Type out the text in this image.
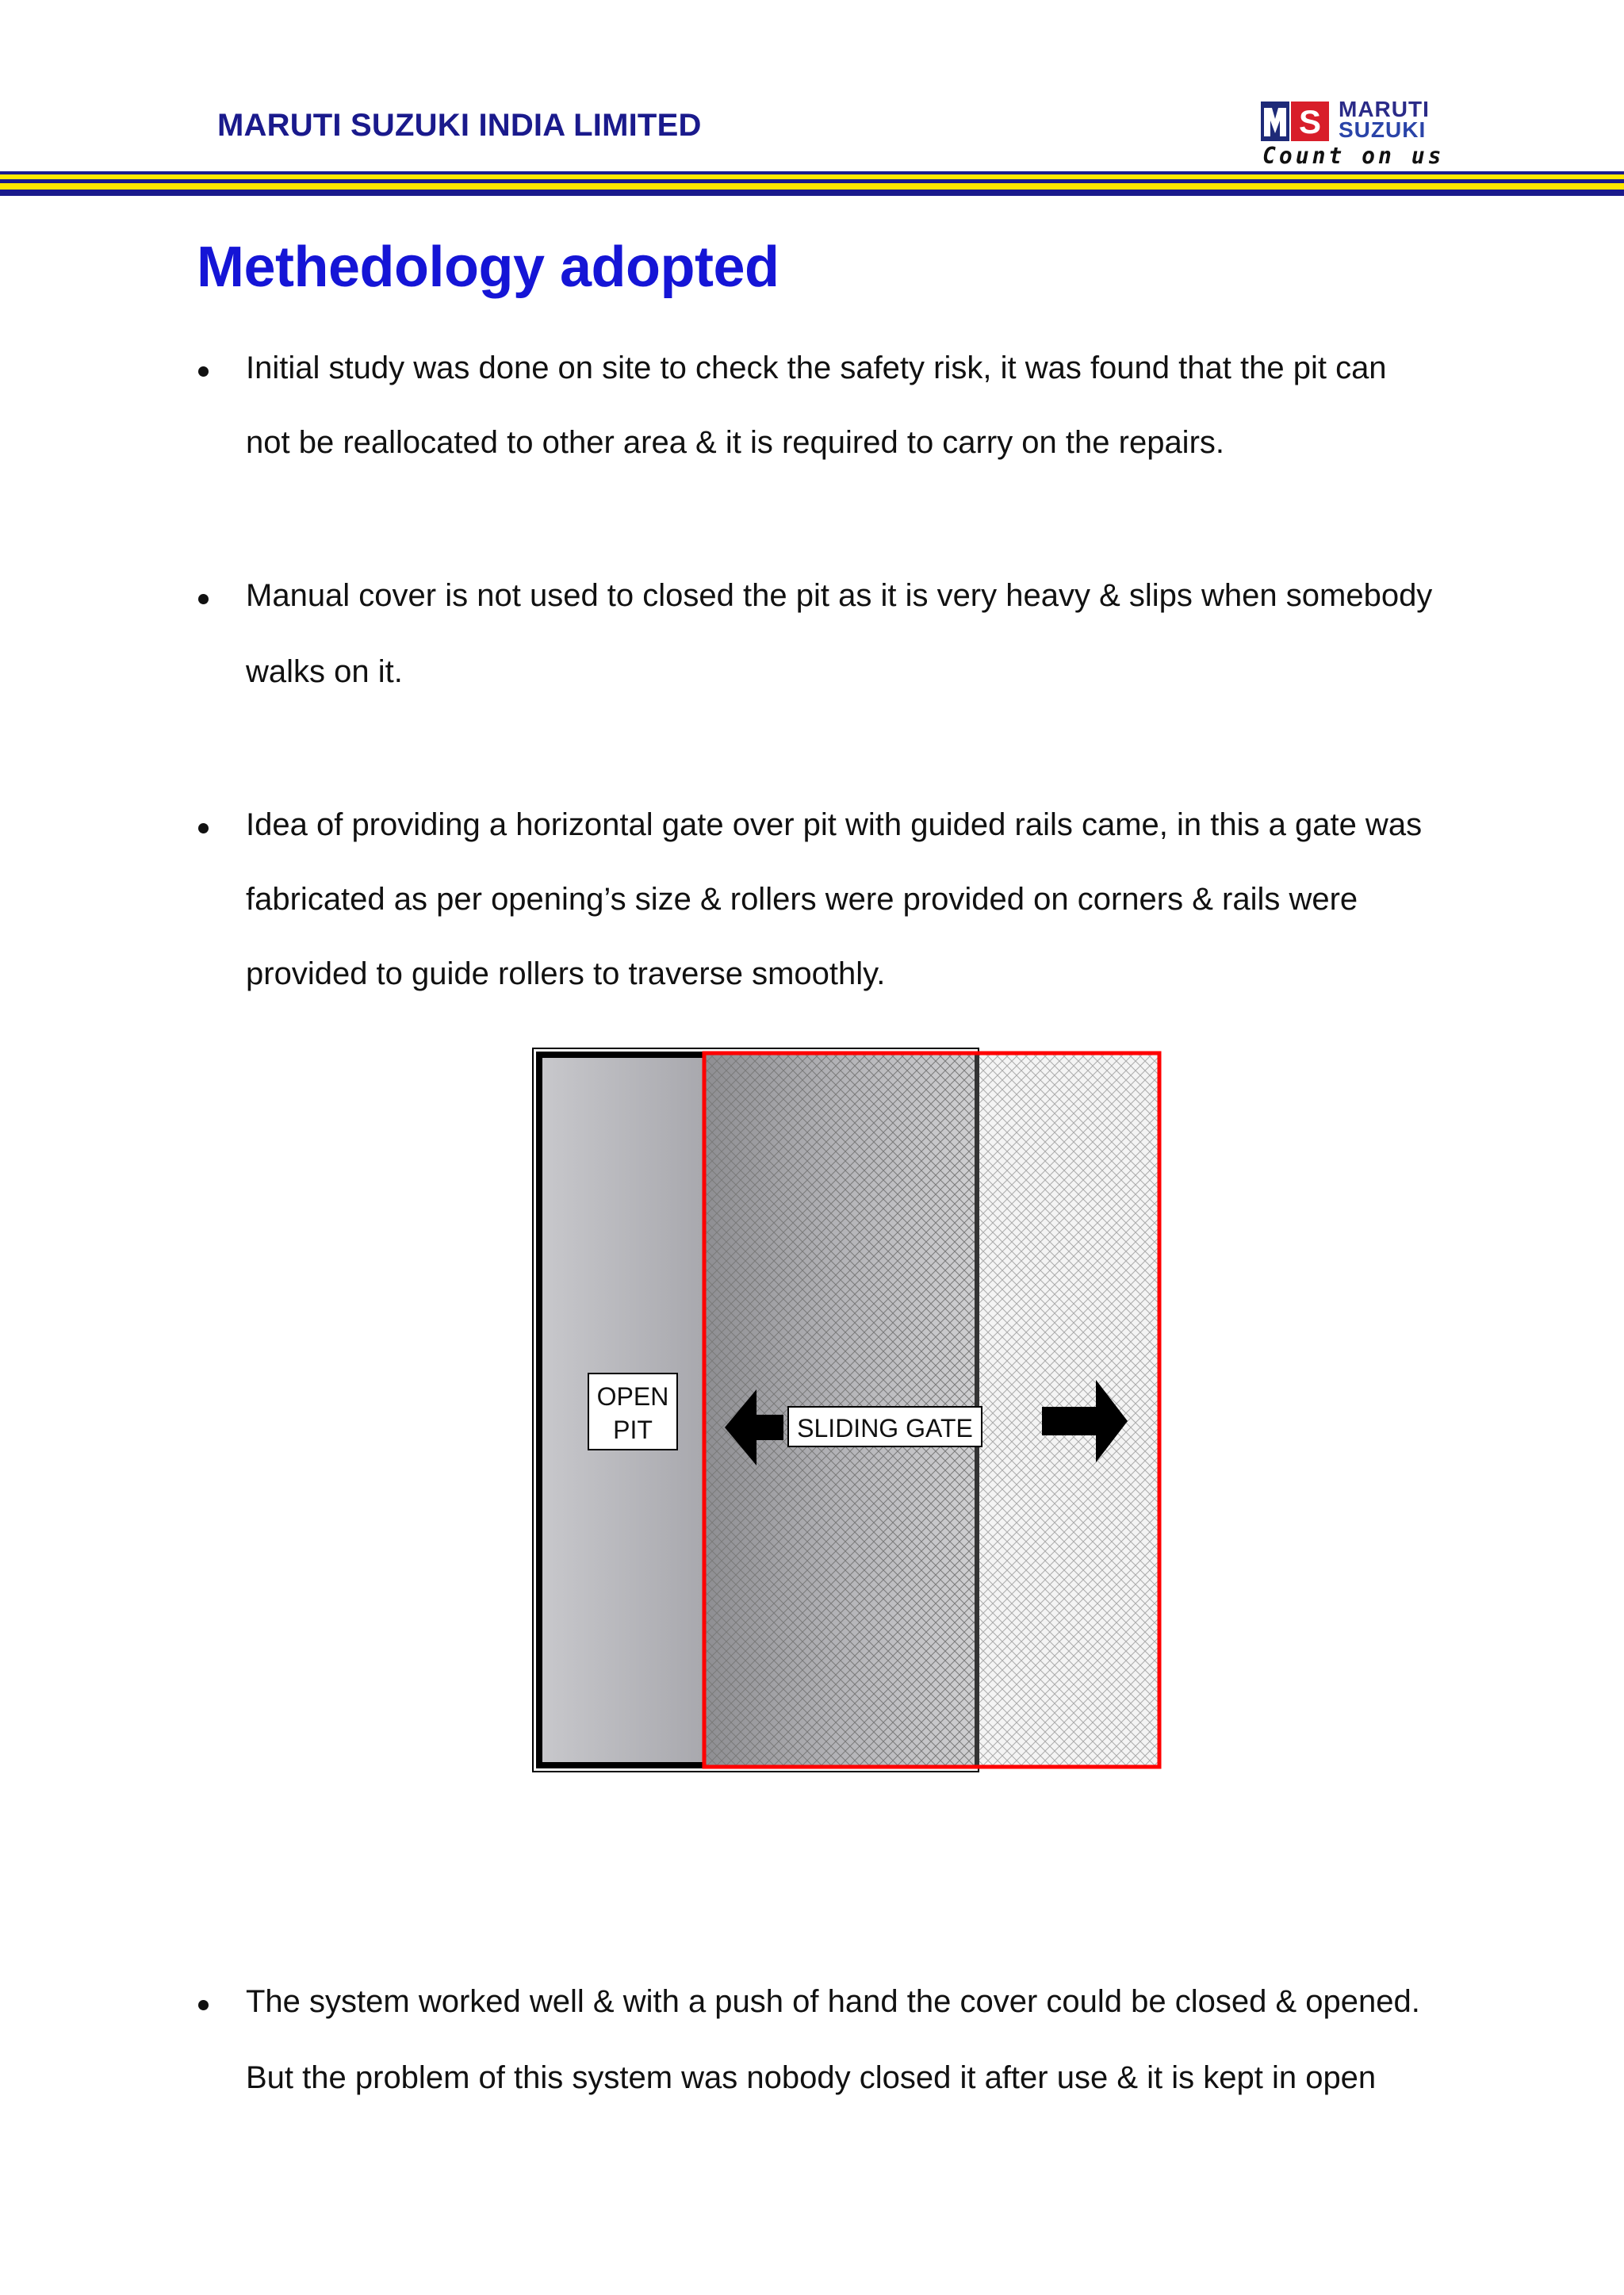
MARUTI SUZUKI INDIA LIMITED	S MARUTI
SUZUKI
Count on us
Methedology adopted
Initial study was done on site to check the safety risk, it was found that the pit can
not be reallocated to other area & it is required to carry on the repairs.
Manual cover is not used to closed the pit as it is very heavy & slips when somebody
walks on it.
Idea of providing a horizontal gate over pit with guided rails came, in this a gate was
fabricated as per opening’s size & rollers were provided on corners & rails were
provided to guide rollers to traverse smoothly.
OPEN
PIT	SLIDING GATE
The system worked well & with a push of hand the cover could be closed & opened.
But the problem of this system was nobody closed it after use & it is kept in open
